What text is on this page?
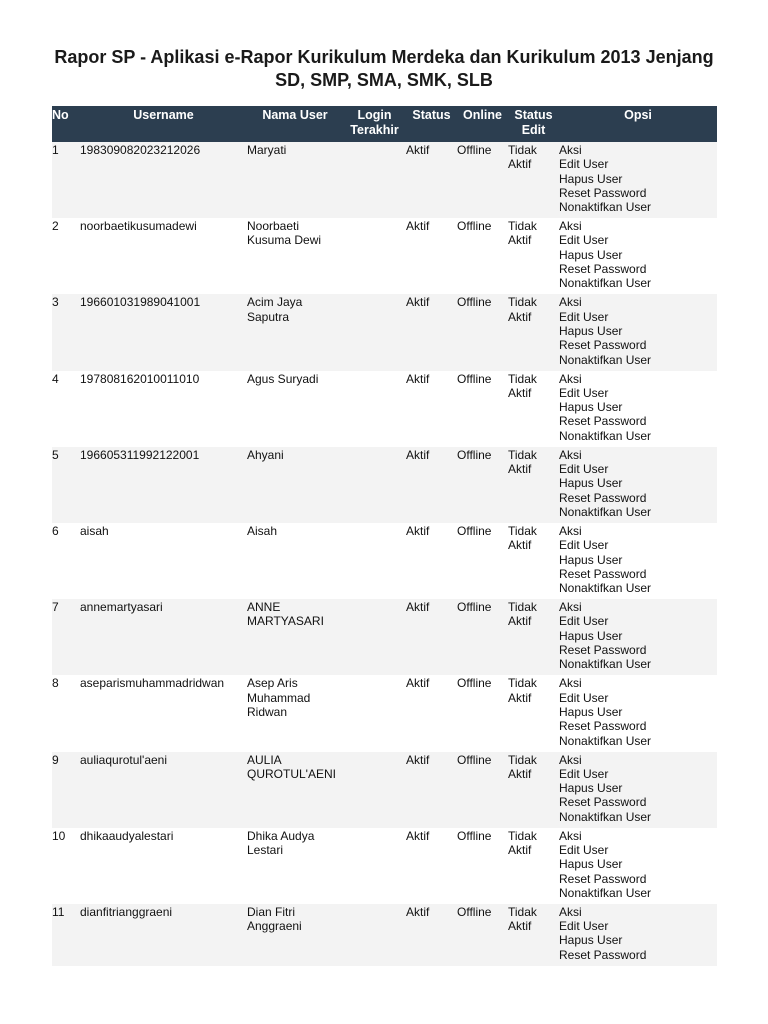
Rapor SP - Aplikasi e-Rapor Kurikulum Merdeka dan Kurikulum 2013 Jenjang SD, SMP, SMA, SMK, SLB
No	Username	Nama User	Login Terakhir	Status	Online	Status Edit	Opsi
1	198309082023212026	Maryati		Aktif	Offline	Tidak Aktif	Aksi
Edit User
Hapus User
Reset Password
Nonaktifkan User

2	noorbaetikusumadewi	Noorbaeti Kusuma Dewi		Aktif	Offline	Tidak Aktif	Aksi
Edit User
Hapus User
Reset Password
Nonaktifkan User

3	196601031989041001	Acim Jaya Saputra		Aktif	Offline	Tidak Aktif	Aksi
Edit User
Hapus User
Reset Password
Nonaktifkan User

4	197808162010011010	Agus Suryadi		Aktif	Offline	Tidak Aktif	Aksi
Edit User
Hapus User
Reset Password
Nonaktifkan User

5	196605311992122001	Ahyani		Aktif	Offline	Tidak Aktif	Aksi
Edit User
Hapus User
Reset Password
Nonaktifkan User

6	aisah	Aisah		Aktif	Offline	Tidak Aktif	Aksi
Edit User
Hapus User
Reset Password
Nonaktifkan User

7	annemartyasari	ANNE MARTYASARI		Aktif	Offline	Tidak Aktif	Aksi
Edit User
Hapus User
Reset Password
Nonaktifkan User

8	aseparismuhammadridwan	Asep Aris Muhammad Ridwan		Aktif	Offline	Tidak Aktif	Aksi
Edit User
Hapus User
Reset Password
Nonaktifkan User

9	auliaqurotul'aeni	AULIA QUROTUL'AENI		Aktif	Offline	Tidak Aktif	Aksi
Edit User
Hapus User
Reset Password
Nonaktifkan User

10	dhikaaudyalestari	Dhika Audya Lestari		Aktif	Offline	Tidak Aktif	Aksi
Edit User
Hapus User
Reset Password
Nonaktifkan User

11	dianfitrianggraeni	Dian Fitri Anggraeni		Aktif	Offline	Tidak Aktif	Aksi
Edit User
Hapus User
Reset Password
